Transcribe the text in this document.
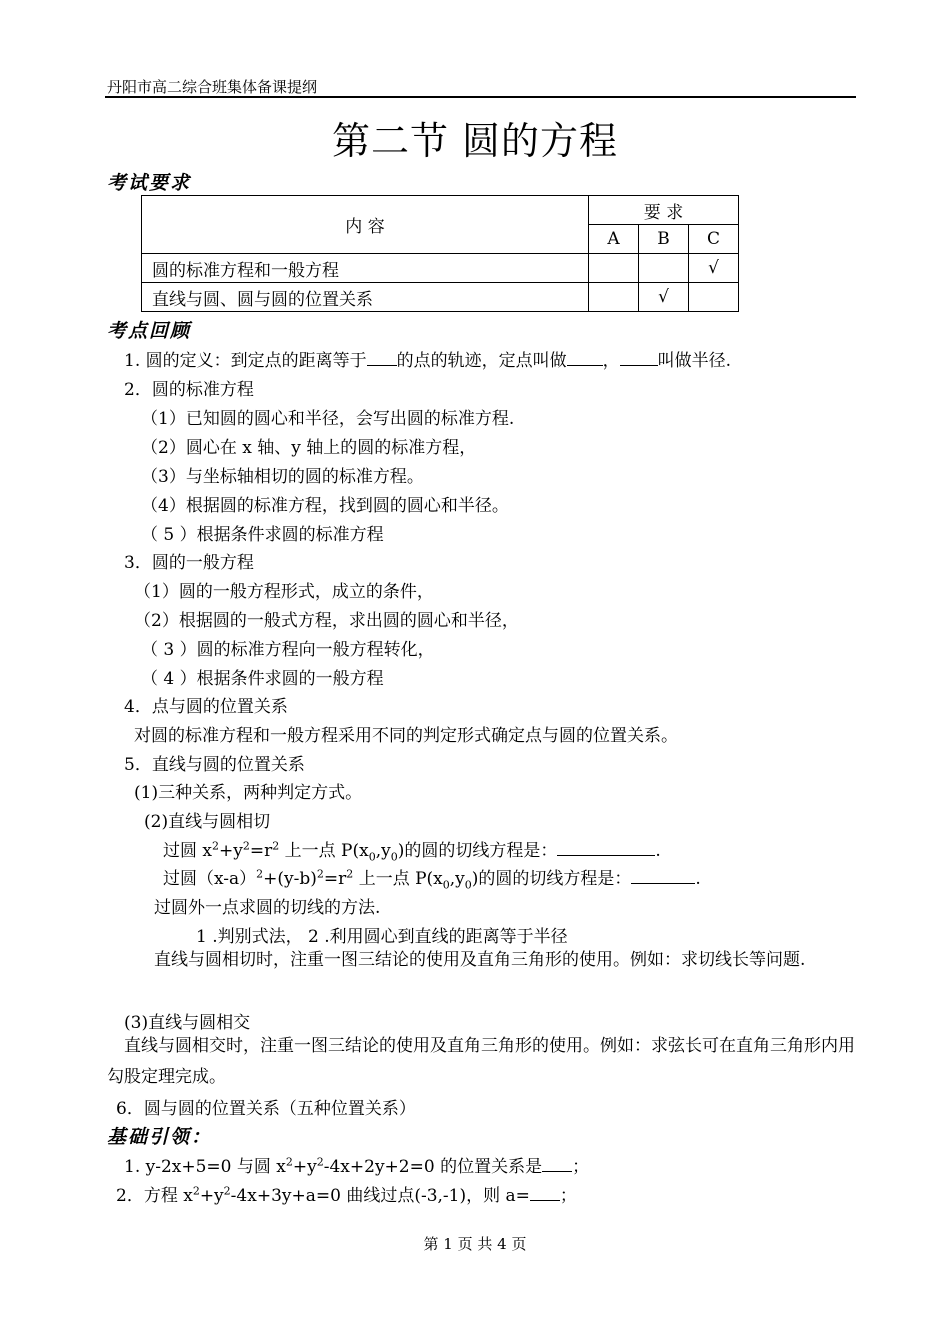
丹阳市高二综合班集体备课提纲
第二节 圆的方程
考试要求
内 容	要 求		
	A	B	C
圆的标准方程和一般方程			√
直线与圆、圆与圆的位置关系		√	
考点回顾
1. 圆的定义：到定点的距离等于 的点的轨迹，定点叫做 ， 叫做半径.
2．圆的标准方程
（1）已知圆的圆心和半径，会写出圆的标准方程.
（2）圆心在 x 轴、y 轴上的圆的标准方程，
（3）与坐标轴相切的圆的标准方程。
（4）根据圆的标准方程，找到圆的圆心和半径。
（ 5 ）根据条件求圆的标准方程
3．圆的一般方程
（1）圆的一般方程形式，成立的条件，
（2）根据圆的一般式方程，求出圆的圆心和半径，
（ 3 ）圆的标准方程向一般方程转化，
（ 4 ）根据条件求圆的一般方程
4．点与圆的位置关系
对圆的标准方程和一般方程采用不同的判定形式确定点与圆的位置关系。
5．直线与圆的位置关系
(1)三种关系，两种判定方式。
(2)直线与圆相切
过圆 $x^2+y^2=r^2$ 上一点 $P(x_0,y_0)$的圆的切线方程是：	.
过圆$(x-a)^2+(y-b)^2=r^2$ 上一点 $P(x_0,y_0)$的圆的切线方程是：	.
过圆外一点求圆的切线的方法.
1 .判别式法， 2 .利用圆心到直线的距离等于半径
直线与圆相切时，注重一图三结论的使用及直角三角形的使用。例如：求切线长等问题.
(3)直线与圆相交
直线与圆相交时，注重一图三结论的使用及直角三角形的使用。例如：求弦长可在直角三角形内用勾股定理完成。
6．圆与圆的位置关系（五种位置关系）
基础引领：
1. y-2x+5=0 与圆 $x^2+y^2-4x+2y+2=0$ 的位置关系是 ；
2．方程 $x^2+y^2-4x+3y+a=0$ 曲线过点(-3,-1)，则 a= ；
第 1 页 共 4 页
